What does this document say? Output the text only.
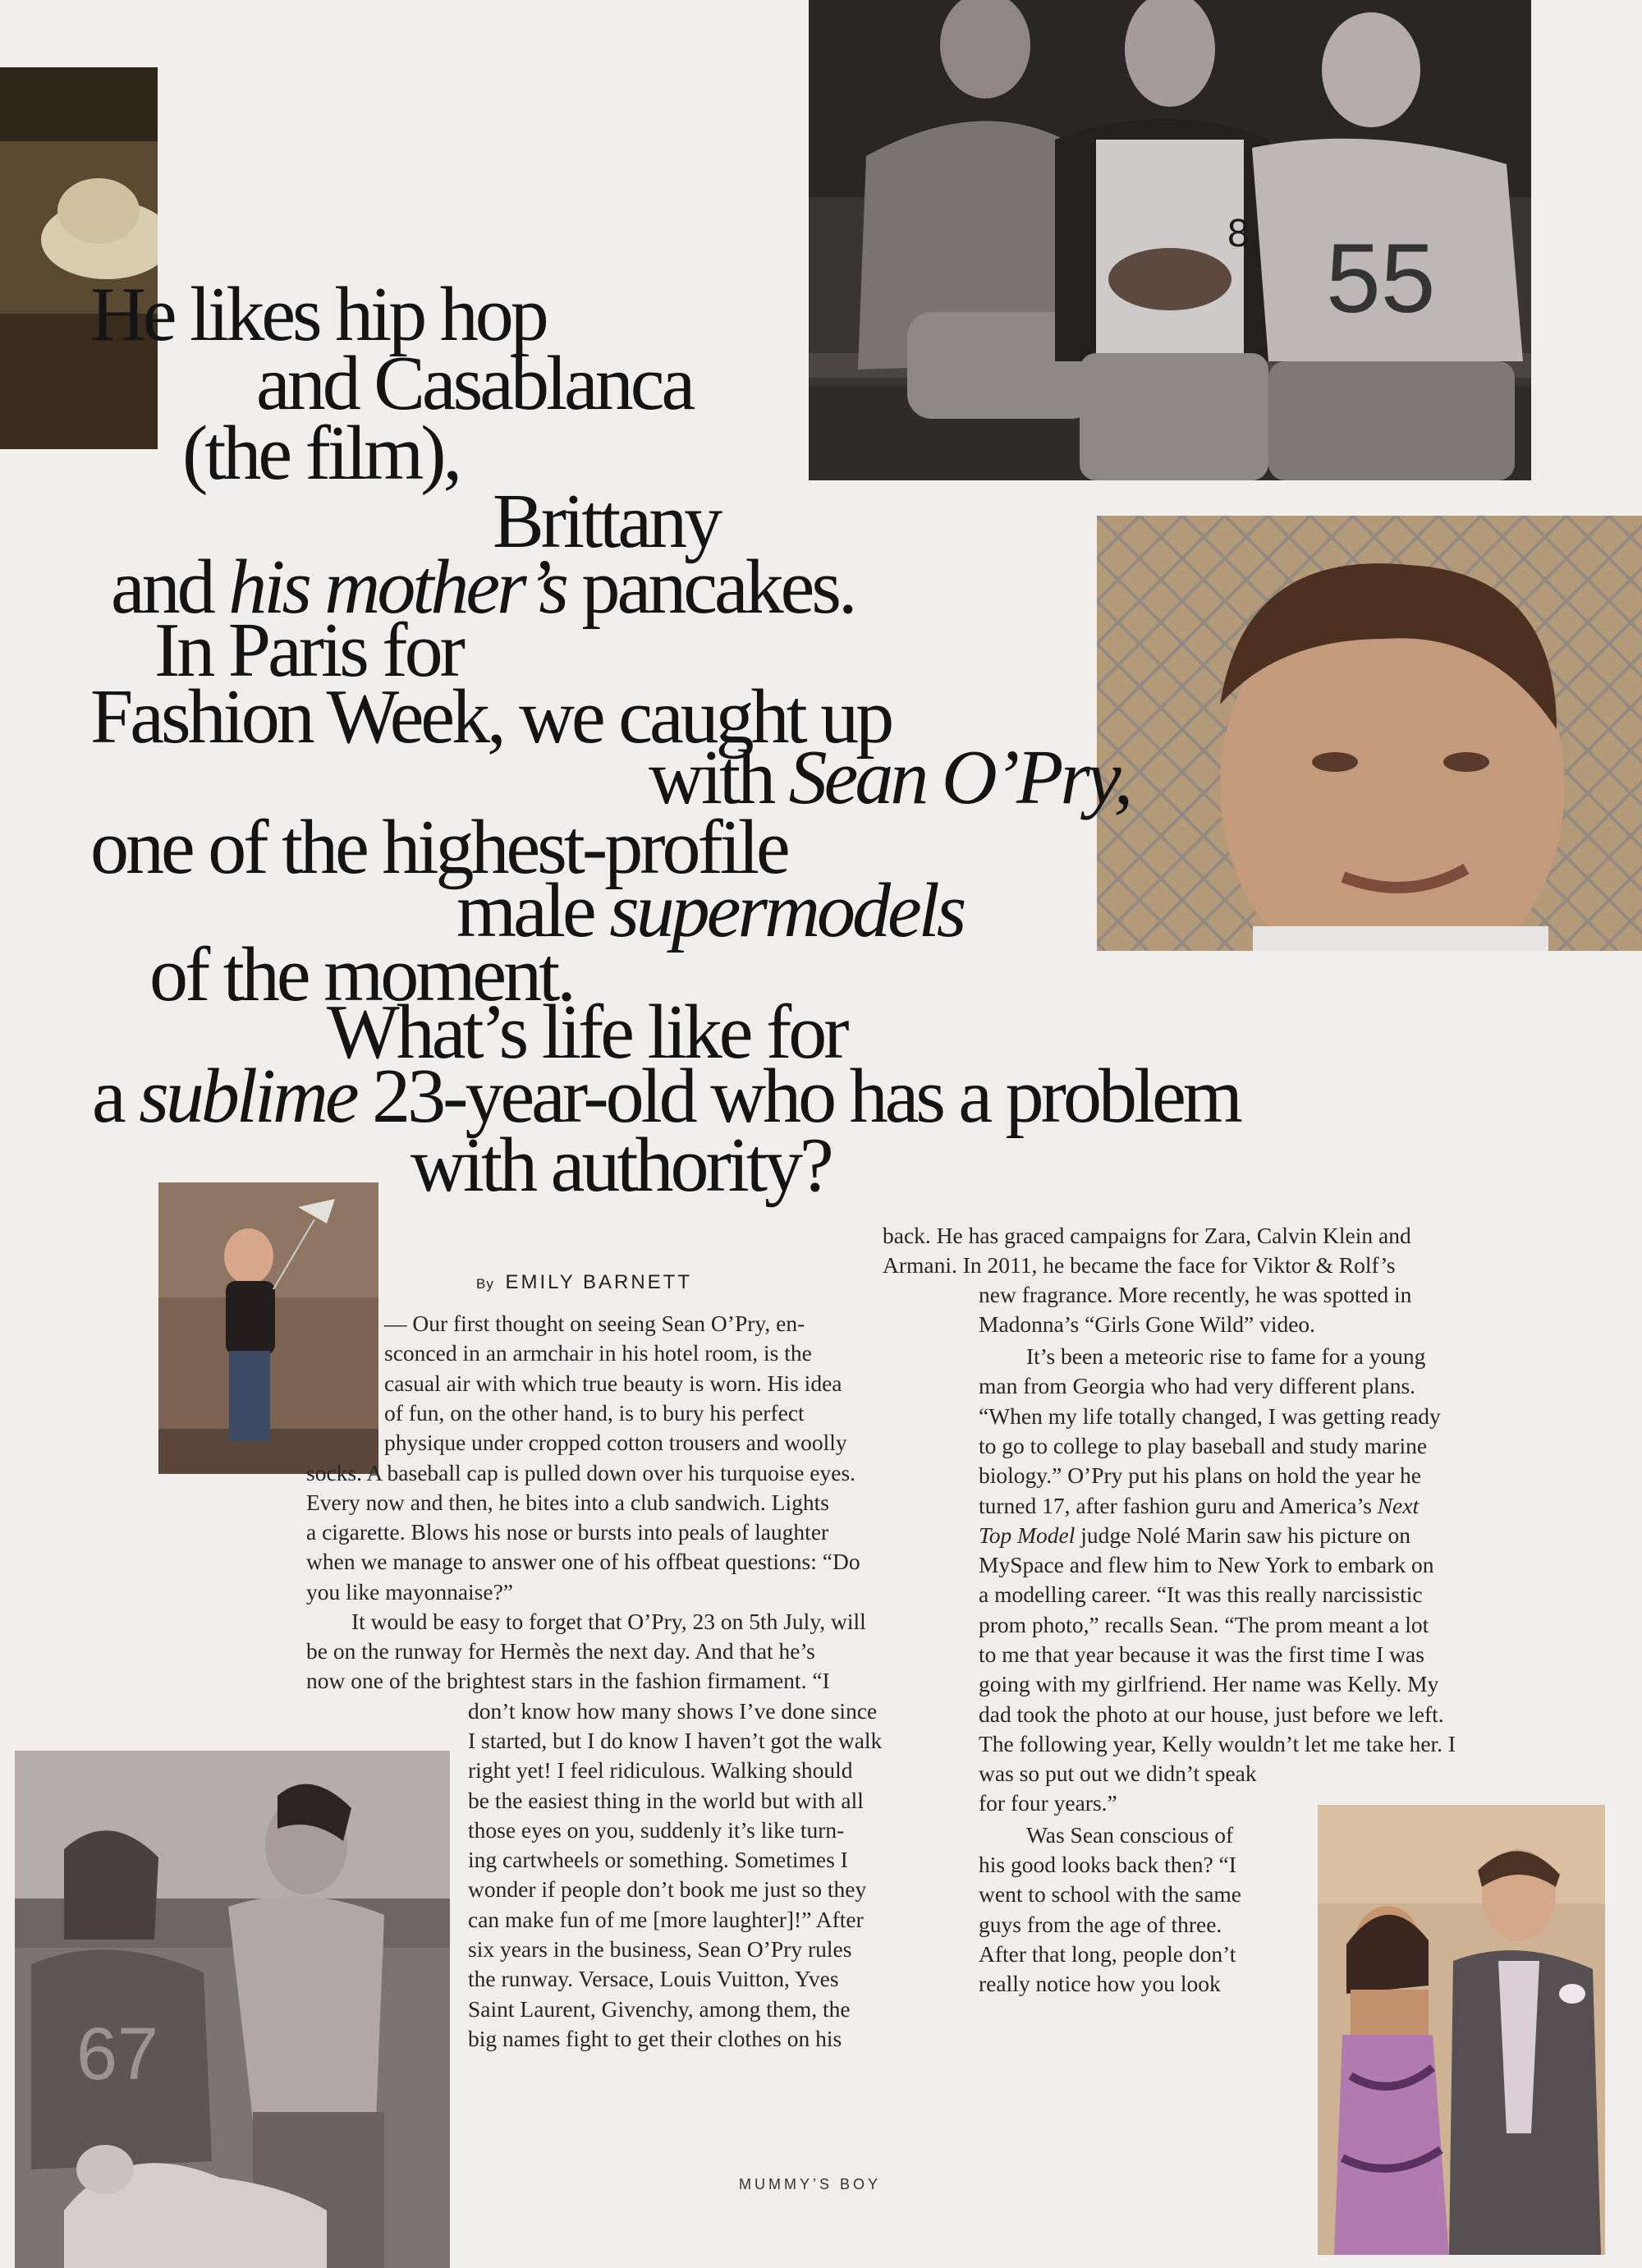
8 55
67
He likes hip hop
and Casablanca
(the film),
Brittany
and his mother’s pancakes.
In Paris for
Fashion Week, we caught up
with Sean O’Pry,
one of the highest-profile
male supermodels
of the moment.
What’s life like for
a sublime 23-year-old who has a problem
with authority?
By EMILY BARNETT
— Our first thought on seeing Sean O’Pry, en-
sconced in an armchair in his hotel room, is the
casual air with which true beauty is worn. His idea
of fun, on the other hand, is to bury his perfect
physique under cropped cotton trousers and woolly
socks. A baseball cap is pulled down over his turquoise eyes.
Every now and then, he bites into a club sandwich. Lights
a cigarette. Blows his nose or bursts into peals of laughter
when we manage to answer one of his offbeat questions: “Do
you like mayonnaise?”
It would be easy to forget that O’Pry, 23 on 5th July, will
be on the runway for Hermès the next day. And that he’s
now one of the brightest stars in the fashion firmament. “I
don’t know how many shows I’ve done since
I started, but I do know I haven’t got the walk
right yet! I feel ridiculous. Walking should
be the easiest thing in the world but with all
those eyes on you, suddenly it’s like turn-
ing cartwheels or something. Sometimes I
wonder if people don’t book me just so they
can make fun of me [more laughter]!” After
six years in the business, Sean O’Pry rules
the runway. Versace, Louis Vuitton, Yves
Saint Laurent, Givenchy, among them, the
big names fight to get their clothes on his
back. He has graced campaigns for Zara, Calvin Klein and
Armani. In 2011, he became the face for Viktor & Rolf’s
new fragrance. More recently, he was spotted in
Madonna’s “Girls Gone Wild” video.
It’s been a meteoric rise to fame for a young
man from Georgia who had very different plans.
“When my life totally changed, I was getting ready
to go to college to play baseball and study marine
biology.” O’Pry put his plans on hold the year he
turned 17, after fashion guru and America’s Next
Top Model judge Nolé Marin saw his picture on
MySpace and flew him to New York to embark on
a modelling career. “It was this really narcissistic
prom photo,” recalls Sean. “The prom meant a lot
to me that year because it was the first time I was
going with my girlfriend. Her name was Kelly. My
dad took the photo at our house, just before we left.
The following year, Kelly wouldn’t let me take her. I
was so put out we didn’t speak
for four years.”
Was Sean conscious of
his good looks back then? “I
went to school with the same
guys from the age of three.
After that long, people don’t
really notice how you look
MUMMY’S BOY
